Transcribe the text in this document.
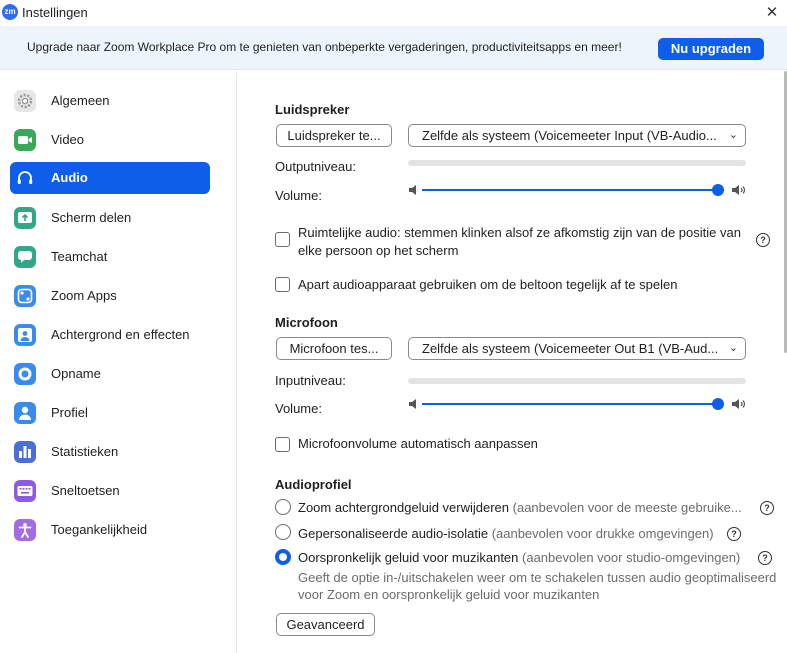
zm Instellingen	✕
Upgrade naar Zoom Workplace Pro om te genieten van onbeperkte vergaderingen, productiviteitsapps en meer!	Nu upgraden
Algemeen
Video
Audio
Scherm delen
Teamchat
Zoom Apps
Achtergrond en effecten
Opname
Profiel
Statistieken
Sneltoetsen
Toegankelijkheid
Luidspreker
Luidspreker te...	Zelfde als systeem (Voicemeeter Input (VB-Audio... ⌄
Outputniveau:
Volume:
Ruimtelijke audio: stemmen klinken alsof ze afkomstig zijn van de positie van elke persoon op het scherm
?
Apart audioapparaat gebruiken om de beltoon tegelijk af te spelen
Microfoon
Microfoon tes...	Zelfde als systeem (Voicemeeter Out B1 (VB-Aud... ⌄
Inputniveau:
Volume:
Microfoonvolume automatisch aanpassen
Audioprofiel
Zoom achtergrondgeluid verwijderen (aanbevolen voor de meeste gebruike...	?
Gepersonaliseerde audio-isolatie (aanbevolen voor drukke omgevingen)	?
Oorspronkelijk geluid voor muzikanten (aanbevolen voor studio-omgevingen)	?
Geeft de optie in-/uitschakelen weer om te schakelen tussen audio geoptimaliseerd
voor Zoom en oorspronkelijk geluid voor muzikanten
Geavanceerd
